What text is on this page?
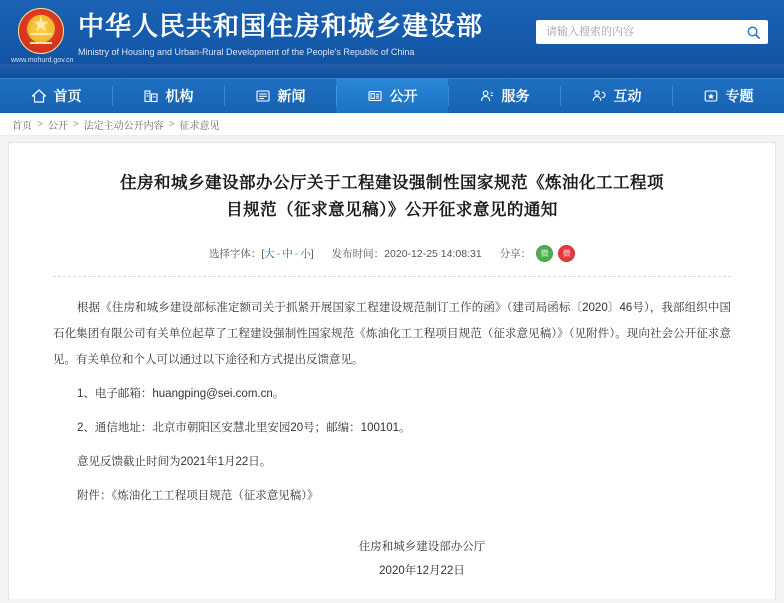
★
www.mohurd.gov.cn
中华人民共和国住房和城乡建设部
Ministry of Housing and Urban-Rural Development of the People's Republic of China
请输入搜索的内容
首页	机构	新闻	公开	服务	互动	专题
首页 > 公开 > 法定主动公开内容 > 征求意见
住房和城乡建设部办公厅关于工程建设强制性国家规范《炼油化工工程项目规范（征求意见稿）》公开征求意见的通知
选择字体：[大 - 中 - 小] 发布时间：2020-12-25 14:08:31 分享：	微	微

根据《住房和城乡建设部标准定额司关于抓紧开展国家工程建设规范制订工作的函》（建司局函标〔2020〕46号），我部组织中国石化集团有限公司有关单位起草了工程建设强制性国家规范《炼油化工工程项目规范（征求意见稿）》（见附件）。现向社会公开征求意见。有关单位和个人可以通过以下途径和方式提出反馈意见。

1、电子邮箱：huangping@sei.com.cn。

2、通信地址：北京市朝阳区安慧北里安园20号；邮编：100101。

意见反馈截止时间为2021年1月22日。

附件：《炼油化工工程项目规范（征求意见稿）》

住房和城乡建设部办公厅
2020年12月22日
